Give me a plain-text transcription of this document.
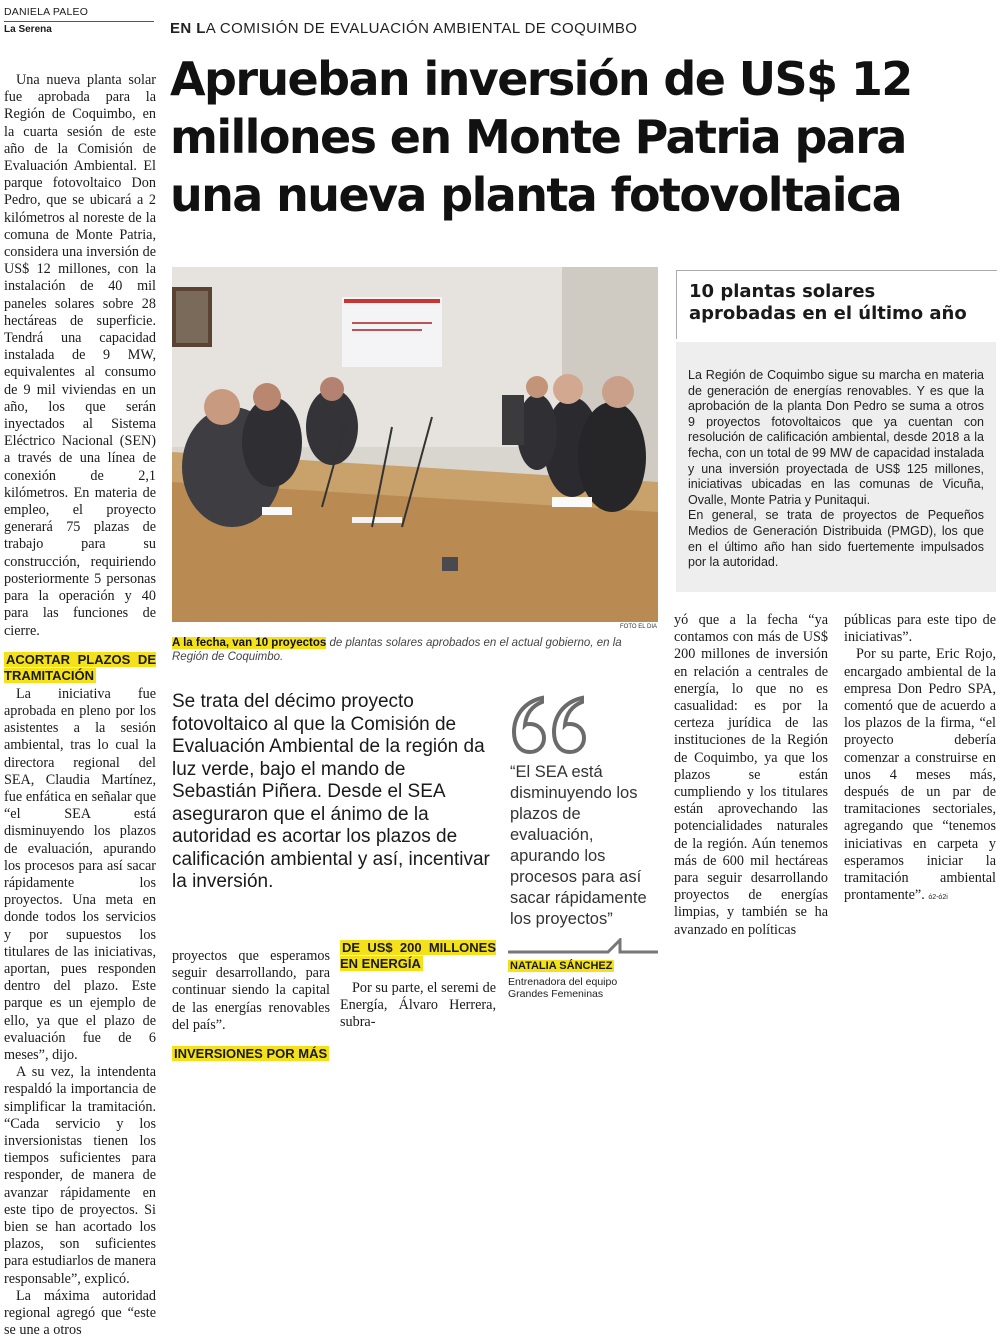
DANIELA PALEO
La Serena	EN LA COMISIÓN DE EVALUACIÓN AMBIENTAL DE COQUIMBO
Aprueban inversión de US$ 12 millones en Monte Patria para una nueva planta fotovoltaica

Una nueva planta solar fue aprobada para la Región de Coquimbo, en la cuarta sesión de este año de la Comisión de Evaluación Ambiental. El parque fotovoltaico Don Pedro, que se ubicará a 2 kilómetros al noreste de la comuna de Monte Patria, considera una inversión de US$ 12 millones, con la instalación de 40 mil paneles solares sobre 28 hectáreas de superficie. Tendrá una capacidad instalada de 9 MW, equivalentes al consumo de 9 mil viviendas en un año, los que serán inyectados al Sistema Eléctrico Nacional (SEN) a través de una línea de conexión de 2,1 kilómetros. En materia de empleo, el proyecto generará 75 plazas de trabajo para su construcción, requiriendo posteriormente 5 personas para la operación y 40 para las funciones de cierre.

ACORTAR PLAZOS DE TRAMITACIÓN

La iniciativa fue aprobada en pleno por los asistentes a la sesión ambiental, tras lo cual la directora regional del SEA, Claudia Martínez, fue enfática en señalar que “el SEA está disminuyendo los plazos de evaluación, apurando los procesos para así sacar rápidamente los proyectos. Una meta en donde todos los servicios y por supuestos los titulares de las iniciativas, aportan, pues responden dentro del plazo. Este parque es un ejemplo de ello, ya que el plazo de evaluación fue de 6 meses”, dijo.

A su vez, la intendenta respaldó la importancia de simplificar la tramitación. “Cada servicio y los inversionistas tienen los tiempos suficientes para responder, de manera de avanzar rápidamente en este tipo de proyectos. Si bien se han acortado los plazos, son suficientes para estudiarlos de manera responsable”, explicó.

La máxima autoridad regional agregó que “este se une a otros

FOTO EL DIA
A la fecha, van 10 proyectos de plantas solares aprobados en el actual gobierno, en la Región de Coquimbo.
10 plantas solares aprobadas en el último año

La Región de Coquimbo sigue su marcha en materia de generación de energías renovables. Y es que la aprobación de la planta Don Pedro se suma a otros 9 proyectos fotovoltaicos que ya cuentan con resolución de calificación ambiental, desde 2018 a la fecha, con un total de 99 MW de capacidad instalada y una inversión proyectada de US$ 125 millones, iniciativas ubicadas en las comunas de Vicuña, Ovalle, Monte Patria y Punitaqui.

En general, se trata de proyectos de Pequeños Medios de Generación Distribuida (PMGD), los que en el último año han sido fuertemente impulsados por la autoridad.

Se trata del décimo proyecto fotovoltaico al que la Comisión de Evaluación Ambiental de la región da luz verde, bajo el mando de Sebastián Piñera. Desde el SEA aseguraron que el ánimo de la autoridad es acortar los plazos de calificación ambiental y así, incentivar la inversión.

proyectos que esperamos seguir desarrollando, para continuar siendo la capital de las energías renovables del país”.

INVERSIONES POR MÁS
DE US$ 200 MILLONES EN ENERGÍA

Por su parte, el seremi de Energía, Álvaro Herrera, subra-

“El SEA está disminuyendo los plazos de evaluación, apurando los procesos para así sacar rápidamente los proyectos”
NATALIA SÁNCHEZ
Entrenadora del equipo Grandes Femeninas

yó que a la fecha “ya contamos con más de US$ 200 millones de inversión en relación a centrales de energía, lo que no es casualidad: es por la certeza jurídica de las instituciones de la Región de Coquimbo, ya que los plazos se están cumpliendo y los titulares están aprovechando las potencialidades naturales de la región. Aún tenemos más de 600 mil hectáreas para seguir desarrollando proyectos de energías limpias, y también se ha avanzado en políticas

públicas para este tipo de iniciativas”.

Por su parte, Eric Rojo, encargado ambiental de la empresa Don Pedro SPA, comentó que de acuerdo a los plazos de la firma, “el proyecto debería comenzar a construirse en unos 4 meses más, después de un par de tramitaciones sectoriales, agregando que “tenemos iniciativas en carpeta y esperamos iniciar la tramitación ambiental prontamente”. ó2-ó2i
